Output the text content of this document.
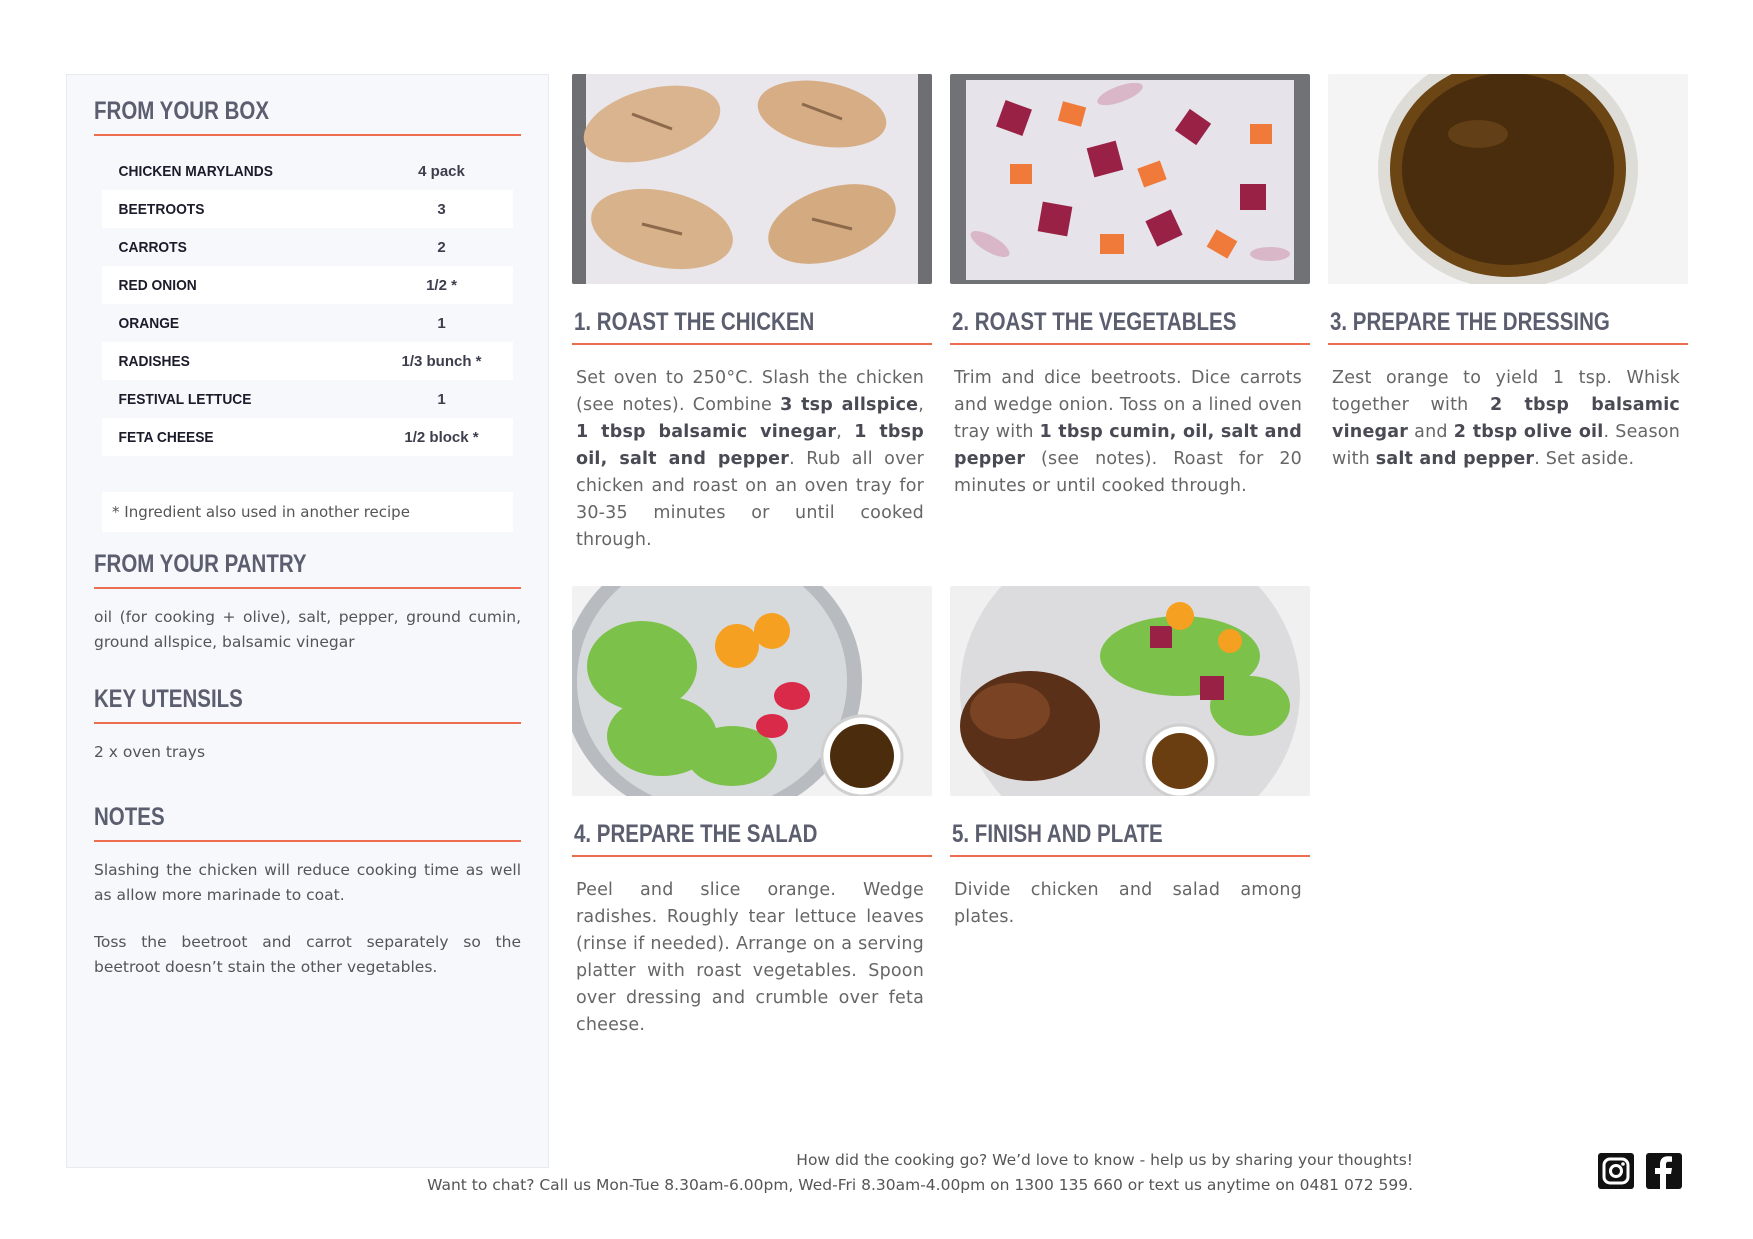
FROM YOUR BOX
CHICKEN MARYLANDS	4 pack
BEETROOTS	3
CARROTS	2
RED ONION	1/2 *
ORANGE	1
RADISHES	1/3 bunch *
FESTIVAL LETTUCE	1
FETA CHEESE	1/2 block *
* Ingredient also used in another recipe
FROM YOUR PANTRY

oil (for cooking + olive), salt, pepper, ground cumin, ground allspice, balsamic vinegar

KEY UTENSILS

2 x oven trays

NOTES

Slashing the chicken will reduce cooking time as well as allow more marinade to coat.

Toss the beetroot and carrot separately so the beetroot doesn’t stain the other vegetables.

1. ROAST THE CHICKEN

Set oven to 250°C. Slash the chicken (see notes). Combine 3 tsp allspice, 1 tbsp balsamic vinegar, 1 tbsp oil, salt and pepper. Rub all over chicken and roast on an oven tray for 30-35 minutes or until cooked through.

2. ROAST THE VEGETABLES

Trim and dice beetroots. Dice carrots and wedge onion. Toss on a lined oven tray with 1 tbsp cumin, oil, salt and pepper (see notes). Roast for 20 minutes or until cooked through.

3. PREPARE THE DRESSING

Zest orange to yield 1 tsp. Whisk together with 2 tbsp balsamic vinegar and 2 tbsp olive oil. Season with salt and pepper. Set aside.

4. PREPARE THE SALAD

Peel and slice orange. Wedge radishes. Roughly tear lettuce leaves (rinse if needed). Arrange on a serving platter with roast vegetables. Spoon over dressing and crumble over feta cheese.

5. FINISH AND PLATE

Divide chicken and salad among plates.

How did the cooking go? We’d love to know - help us by sharing your thoughts!
Want to chat? Call us Mon-Tue 8.30am-6.00pm, Wed-Fri 8.30am-4.00pm on 1300 135 660 or text us anytime on 0481 072 599.
